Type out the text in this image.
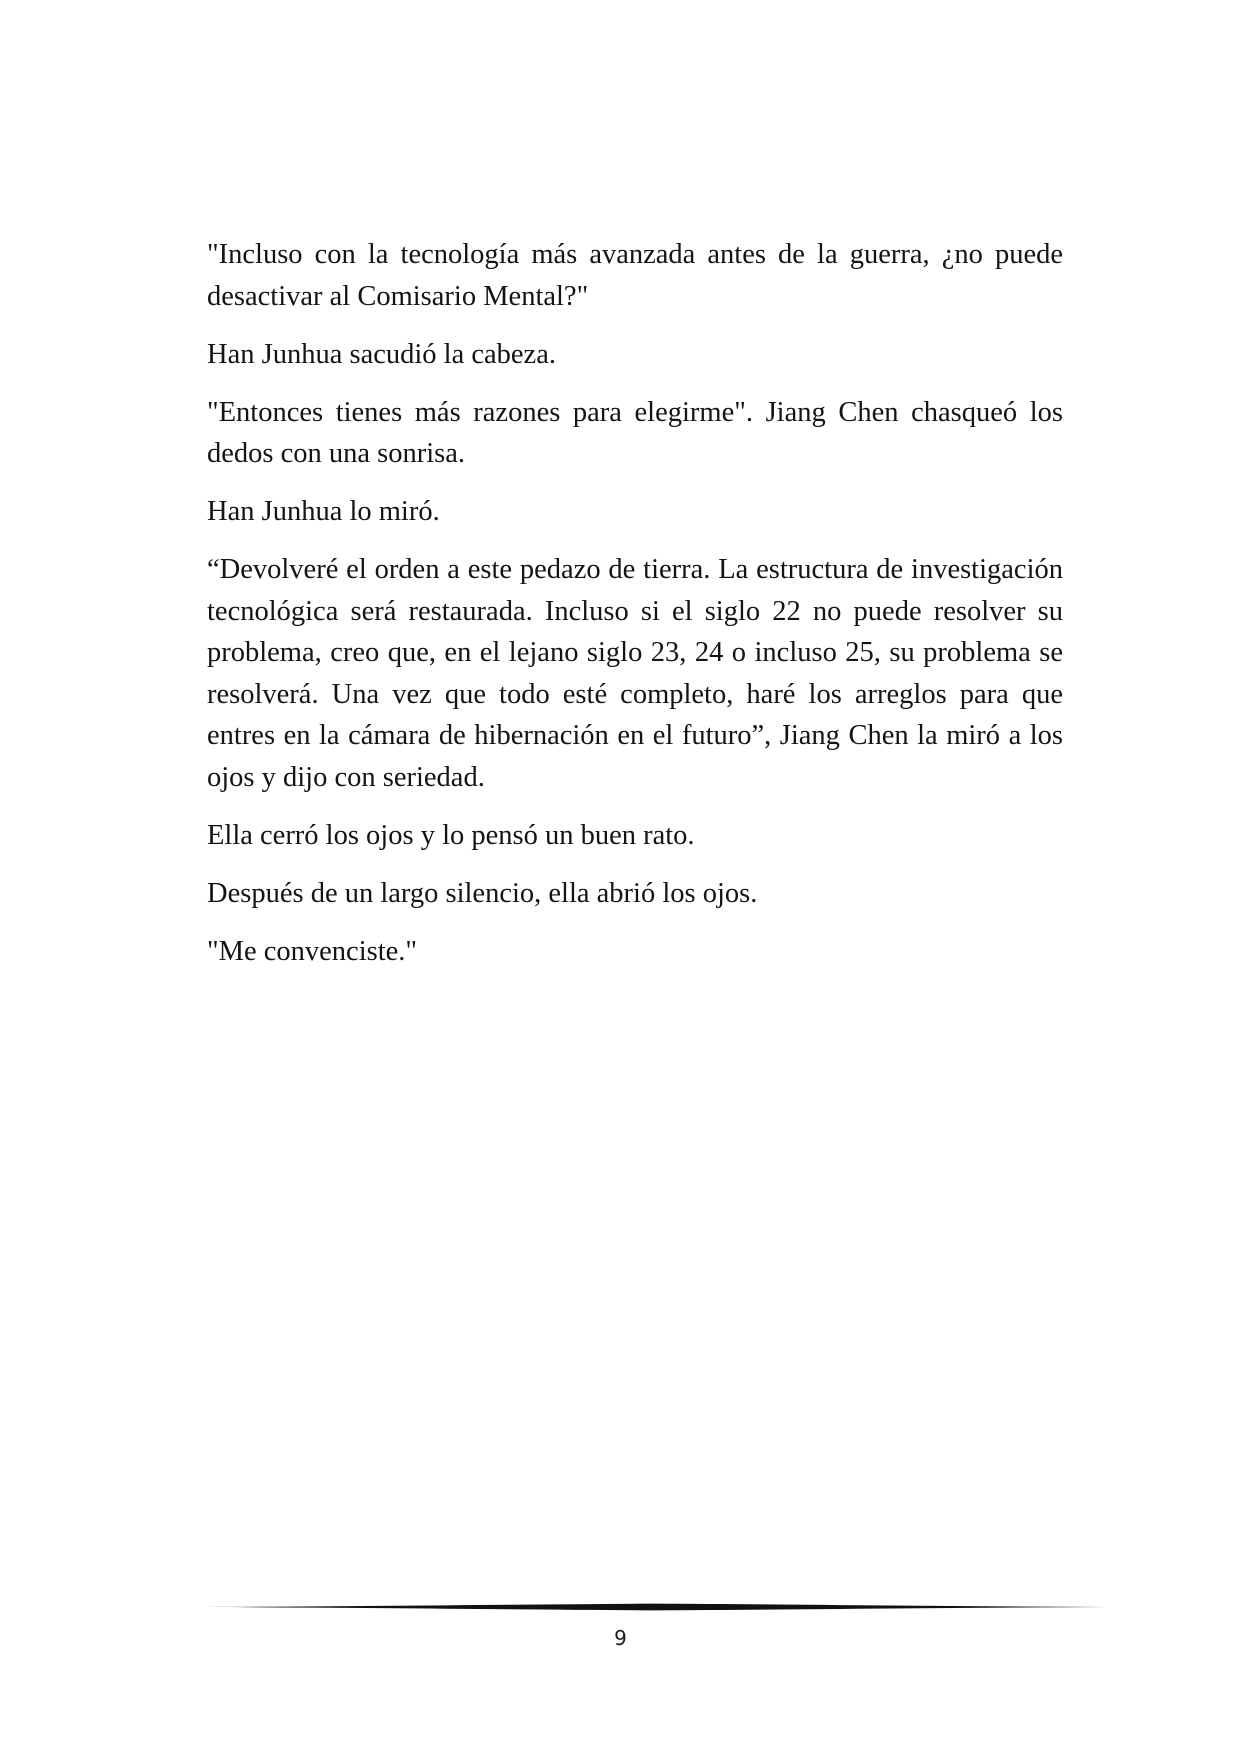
"Incluso con la tecnología más avanzada antes de la guerra, ¿no puede desactivar al Comisario Mental?"

Han Junhua sacudió la cabeza.

"Entonces tienes más razones para elegirme". Jiang Chen chasqueó los dedos con una sonrisa.

Han Junhua lo miró.

“Devolveré el orden a este pedazo de tierra. La estructura de investigación tecnológica será restaurada. Incluso si el siglo 22 no puede resolver su problema, creo que, en el lejano siglo 23, 24 o incluso 25, su problema se resolverá. Una vez que todo esté completo, haré los arreglos para que entres en la cámara de hibernación en el futuro”, Jiang Chen la miró a los ojos y dijo con seriedad.

Ella cerró los ojos y lo pensó un buen rato.

Después de un largo silencio, ella abrió los ojos.

"Me convenciste."

9
